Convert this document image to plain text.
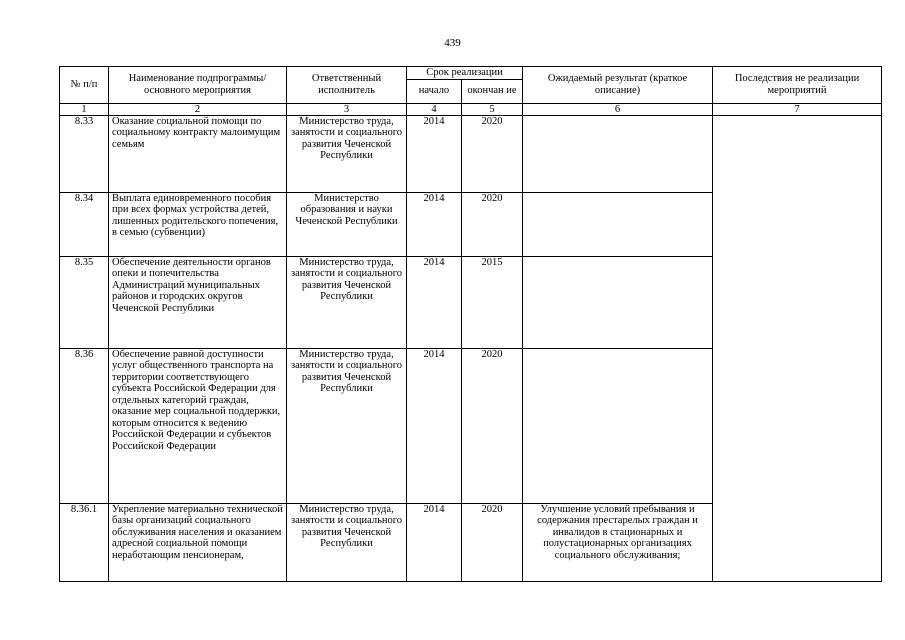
439
№ п/п	Наименование подпрограммы/ основного мероприятия	Ответственный исполнитель	Срок реализации		Ожидаемый результат (краткое описание)	Последствия не реализации мероприятий
			начало	окончан ие		
1	2	3	4	5	6	7
8.33	Оказание социальной помощи по социальному контракту малоимущим семьям	Министерство труда, занятости и социального развития Чеченской Республики	2014	2020		
8.34	Выплата единовременного пособия при всех формах устройства детей, лишенных родительского попечения, в семью (субвенции)	Министерство образования и науки Чеченской Республики	2014	2020		
8.35	Обеспечение деятельности органов опеки и попечительства Администраций муниципальных районов и городских округов Чеченской Республики	Министерство труда, занятости и социального развития Чеченской Республики	2014	2015		
8.36	Обеспечение равной доступности услуг общественного транспорта на территории соответствующего субъекта Российской Федерации для отдельных категорий граждан, оказание мер социальной поддержки, которым относится к ведению Российской Федерации и субъектов Российской Федерации	Министерство труда, занятости и социального развития Чеченской Республики	2014	2020		
8.36.1	Укрепление материально технической базы организаций социального обслуживания населения и оказанием адресной социальной помощи неработающим пенсионерам,	Министерство труда, занятости и социального развития Чеченской Республики	2014	2020	Улучшение условий пребывания и содержания престарелых граждан и инвалидов в стационарных и полустационарных организациях социального обслуживания;	
